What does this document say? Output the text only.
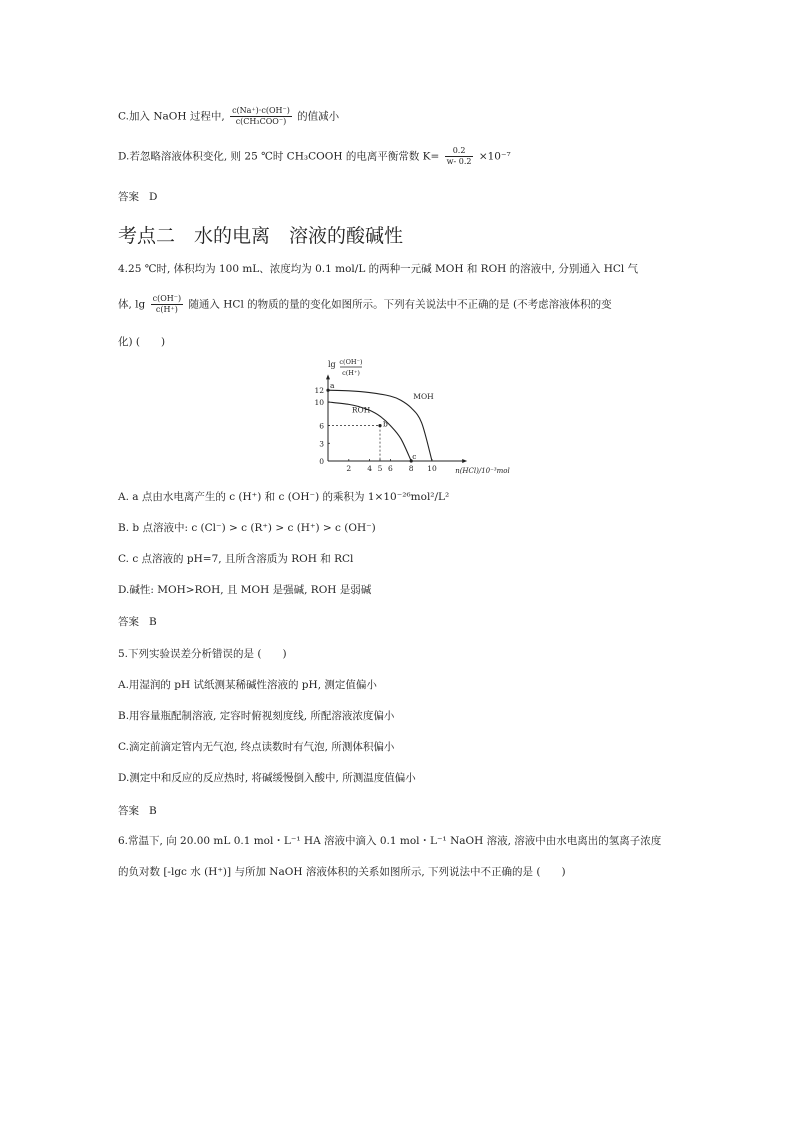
C.加入 NaOH 过程中, $\frac{c(Na^+)\cdot c(OH^-)}{\text{c(CH₃COO⁻)}}$ 的值减小
D.若忽略溶液体积变化, 则 25 ℃时 CH₃COOH 的电离平衡常数 $K= \frac{0.2}{w- 0.2} \times 10^{-7}$
答案 D
考点二　水的电离　溶液的酸碱性
4.25 ℃时, 体积均为 100 mL、浓度均为 0.1 mol/L 的两种一元碱 MOH 和 ROH 的溶液中, 分别通入 HCl 气
体, $\lg \frac{c(OH^-)}{c(H^+)}$ 随通入 HCl 的物质的量的变化如图所示。下列有关说法中不正确的是 (不考虑溶液体积的变
化) (　　)
lg c(OH⁻)
c(H⁺)
n(HCl)/10⁻³mol
2 4 5 6 8 10
0
3
6
10
12
MOH
ROH
a
b
c
A. a 点由水电离产生的 c (H⁺) 和 c (OH⁻) 的乘积为 1×10⁻²⁶mol²/L²
B. b 点溶液中: c (Cl⁻) > c (R⁺) > c (H⁺) > c (OH⁻)
C. c 点溶液的 pH=7, 且所含溶质为 ROH 和 RCl
D.碱性: MOH>ROH, 且 MOH 是强碱, ROH 是弱碱
答案 B
5.下列实验误差分析错误的是 (　　)
A.用湿润的 pH 试纸测某稀碱性溶液的 pH, 测定值偏小
B.用容量瓶配制溶液, 定容时俯视刻度线, 所配溶液浓度偏小
C.滴定前滴定管内无气泡, 终点读数时有气泡, 所测体积偏小
D.测定中和反应的反应热时, 将碱缓慢倒入酸中, 所测温度值偏小
答案 B
6.常温下, 向 20.00 mL 0.1 mol・L⁻¹ HA 溶液中滴入 0.1 mol・L⁻¹ NaOH 溶液, 溶液中由水电离出的氢离子浓度
的负对数 [-lgc 水 (H⁺)] 与所加 NaOH 溶液体积的关系如图所示, 下列说法中不正确的是 (　　)
